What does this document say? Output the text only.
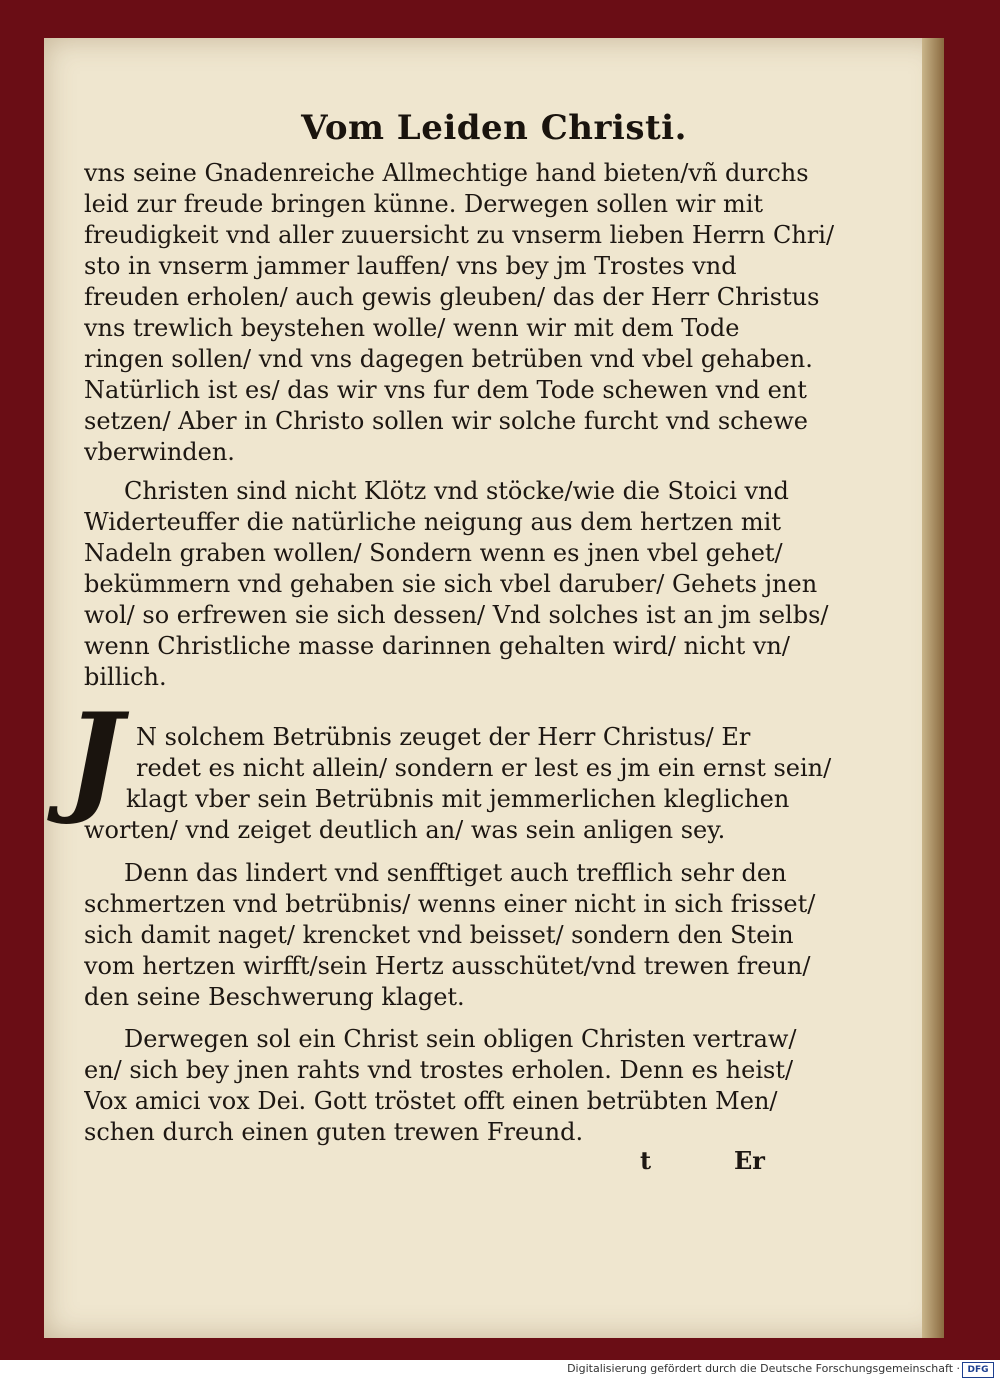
Vom Leiden Christi.
vns seine Gnadenreiche Allmechtige hand bieten/vñ durchs
leid zur freude bringen künne. Derwegen sollen wir mit
freudigkeit vnd aller zuuersicht zu vnserm lieben Herrn Chri/
sto in vnserm jammer lauffen/ vns bey jm Trostes vnd
freuden erholen/ auch gewis gleuben/ das der Herr Christus
vns trewlich beystehen wolle/ wenn wir mit dem Tode
ringen sollen/ vnd vns dagegen betrüben vnd vbel gehaben.
Natürlich ist es/ das wir vns fur dem Tode schewen vnd ent
setzen/ Aber in Christo sollen wir solche furcht vnd schewe
vberwinden.
Christen sind nicht Klötz vnd stöcke/wie die Stoici vnd
Widerteuffer die natürliche neigung aus dem hertzen mit
Nadeln graben wollen/ Sondern wenn es jnen vbel gehet/
bekümmern vnd gehaben sie sich vbel daruber/ Gehets jnen
wol/ so erfrewen sie sich dessen/ Vnd solches ist an jm selbs/
wenn Christliche masse darinnen gehalten wird/ nicht vn/
billich.
J N solchem Betrübnis zeuget der Herr Christus/ Er
redet es nicht allein/ sondern er lest es jm ein ernst sein/
klagt vber sein Betrübnis mit jemmerlichen kleglichen
worten/ vnd zeiget deutlich an/ was sein anligen sey.
Denn das lindert vnd senfftiget auch trefflich sehr den
schmertzen vnd betrübnis/ wenns einer nicht in sich frisset/
sich damit naget/ krencket vnd beisset/ sondern den Stein
vom hertzen wirfft/sein Hertz ausschütet/vnd trewen freun/
den seine Beschwerung klaget.
Derwegen sol ein Christ sein obligen Christen vertraw/
en/ sich bey jnen rahts vnd trostes erholen. Denn es heist/
Vox amici vox Dei. Gott tröstet offt einen betrübten Men/
schen durch einen guten trewen Freund.
t	Er
Digitalisierung gefördert durch die Deutsche Forschungsgemeinschaft · DFG
